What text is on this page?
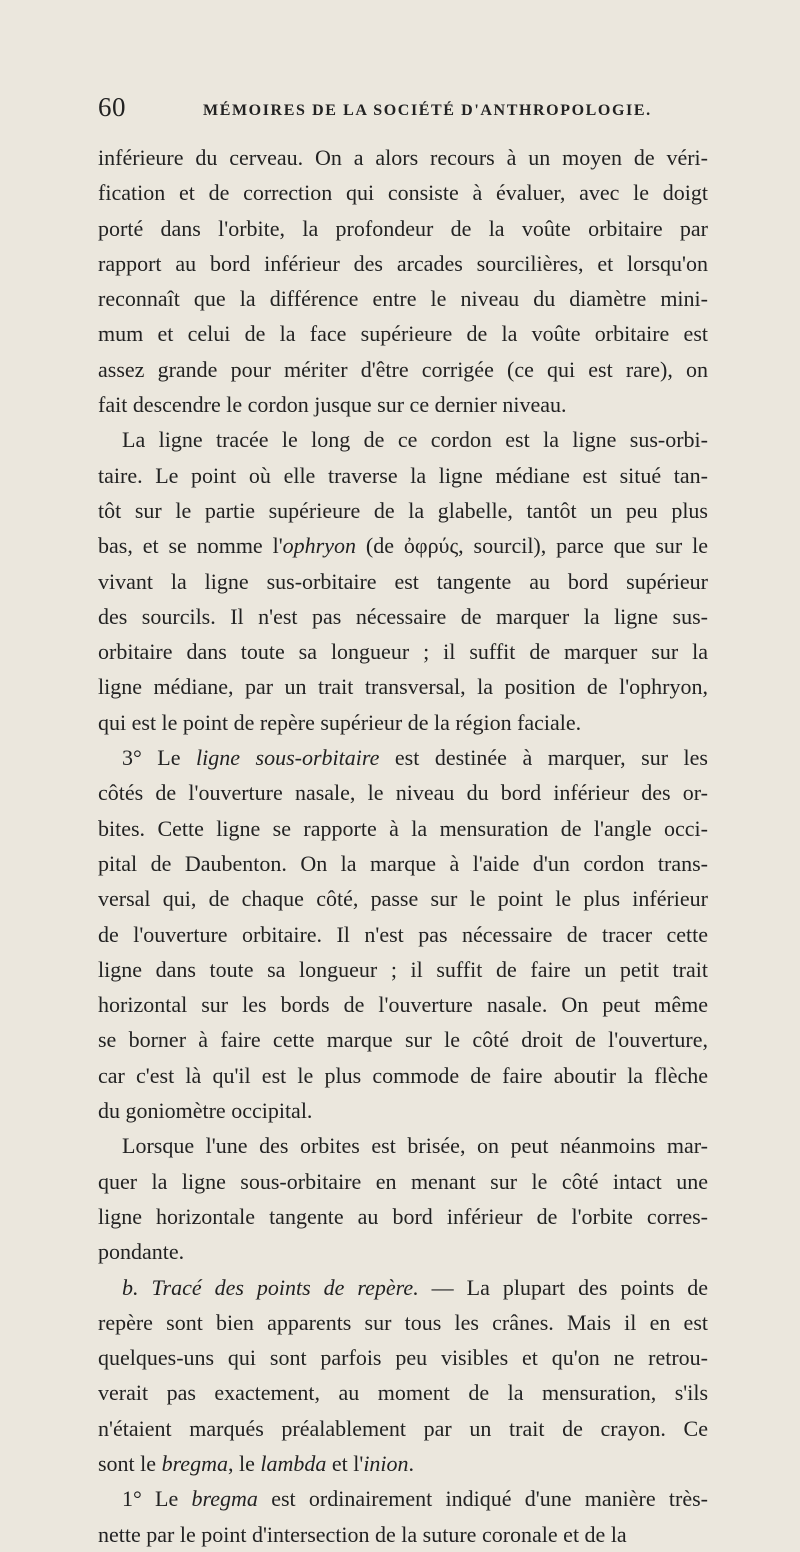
60	MÉMOIRES DE LA SOCIÉTÉ D'ANTHROPOLOGIE.
inférieure du cerveau. On a alors recours à un moyen de véri-
fication et de correction qui consiste à évaluer, avec le doigt
porté dans l'orbite, la profondeur de la voûte orbitaire par
rapport au bord inférieur des arcades sourcilières, et lorsqu'on
reconnaît que la différence entre le niveau du diamètre mini-
mum et celui de la face supérieure de la voûte orbitaire est
assez grande pour mériter d'être corrigée (ce qui est rare), on
fait descendre le cordon jusque sur ce dernier niveau.
La ligne tracée le long de ce cordon est la ligne sus-orbi-
taire. Le point où elle traverse la ligne médiane est situé tan-
tôt sur le partie supérieure de la glabelle, tantôt un peu plus
bas, et se nomme l'ophryon (de ὀφρύς, sourcil), parce que sur le
vivant la ligne sus-orbitaire est tangente au bord supérieur
des sourcils. Il n'est pas nécessaire de marquer la ligne sus-
orbitaire dans toute sa longueur ; il suffit de marquer sur la
ligne médiane, par un trait transversal, la position de l'ophryon,
qui est le point de repère supérieur de la région faciale.
3° Le ligne sous-orbitaire est destinée à marquer, sur les
côtés de l'ouverture nasale, le niveau du bord inférieur des or-
bites. Cette ligne se rapporte à la mensuration de l'angle occi-
pital de Daubenton. On la marque à l'aide d'un cordon trans-
versal qui, de chaque côté, passe sur le point le plus inférieur
de l'ouverture orbitaire. Il n'est pas nécessaire de tracer cette
ligne dans toute sa longueur ; il suffit de faire un petit trait
horizontal sur les bords de l'ouverture nasale. On peut même
se borner à faire cette marque sur le côté droit de l'ouverture,
car c'est là qu'il est le plus commode de faire aboutir la flèche
du goniomètre occipital.
Lorsque l'une des orbites est brisée, on peut néanmoins mar-
quer la ligne sous-orbitaire en menant sur le côté intact une
ligne horizontale tangente au bord inférieur de l'orbite corres-
pondante.
b. Tracé des points de repère. — La plupart des points de
repère sont bien apparents sur tous les crânes. Mais il en est
quelques-uns qui sont parfois peu visibles et qu'on ne retrou-
verait pas exactement, au moment de la mensuration, s'ils
n'étaient marqués préalablement par un trait de crayon. Ce
sont le bregma, le lambda et l'inion.
1° Le bregma est ordinairement indiqué d'une manière très-
nette par le point d'intersection de la suture coronale et de la
